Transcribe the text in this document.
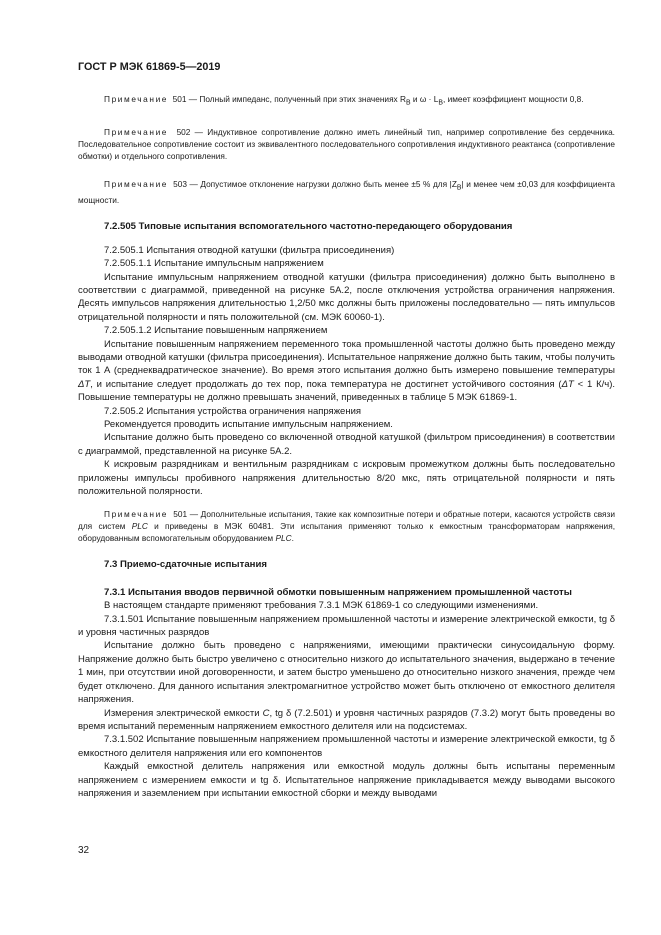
ГОСТ Р МЭК 61869-5—2019

Примечание 501 — Полный импеданс, полученный при этих значениях $R_B$ и $\omega \cdot L_B$, имеет коэффициент мощности 0,8.

Примечание 502 — Индуктивное сопротивление должно иметь линейный тип, например сопротивление без сердечника. Последовательное сопротивление состоит из эквивалентного последовательного сопротивления индуктивного реактанса (сопротивление обмотки) и отдельного сопротивления.

Примечание 503 — Допустимое отклонение нагрузки должно быть менее ±5 % для $|Z_B|$ и менее чем ±0,03 для коэффициента мощности.

7.2.505 Типовые испытания вспомогательного частотно-передающего оборудования

7.2.505.1 Испытания отводной катушки (фильтра присоединения)

7.2.505.1.1 Испытание импульсным напряжением

Испытание импульсным напряжением отводной катушки (фильтра присоединения) должно быть выполнено в соответствии с диаграммой, приведенной на рисунке 5А.2, после отключения устройства ограничения напряжения. Десять импульсов напряжения длительностью 1,2/50 мкс должны быть приложены последовательно — пять импульсов отрицательной полярности и пять положительной (см. МЭК 60060-1).

7.2.505.1.2 Испытание повышенным напряжением

Испытание повышенным напряжением переменного тока промышленной частоты должно быть проведено между выводами отводной катушки (фильтра присоединения). Испытательное напряжение должно быть таким, чтобы получить ток 1 А (среднеквадратическое значение). Во время этого испытания должно быть измерено повышение температуры ΔT, и испытание следует продолжать до тех пор, пока температура не достигнет устойчивого состояния (ΔT < 1 К/ч). Повышение температуры не должно превышать значений, приведенных в таблице 5 МЭК 61869-1.

7.2.505.2 Испытания устройства ограничения напряжения

Рекомендуется проводить испытание импульсным напряжением.

Испытание должно быть проведено со включенной отводной катушкой (фильтром присоединения) в соответствии с диаграммой, представленной на рисунке 5А.2.

К искровым разрядникам и вентильным разрядникам с искровым промежутком должны быть последовательно приложены импульсы пробивного напряжения длительностью 8/20 мкс, пять отрицательной полярности и пять положительной полярности.

Примечание 501 — Дополнительные испытания, такие как композитные потери и обратные потери, касаются устройств связи для систем PLC и приведены в МЭК 60481. Эти испытания применяют только к емкостным трансформаторам напряжения, оборудованным вспомогательным оборудованием PLC.

7.3 Приемо-сдаточные испытания

7.3.1 Испытания вводов первичной обмотки повышенным напряжением промышленной частоты

В настоящем стандарте применяют требования 7.3.1 МЭК 61869-1 со следующими изменениями.

7.3.1.501 Испытание повышенным напряжением промышленной частоты и измерение электрической емкости, tg δ и уровня частичных разрядов

Испытание должно быть проведено с напряжениями, имеющими практически синусоидальную форму. Напряжение должно быть быстро увеличено с относительно низкого до испытательного значения, выдержано в течение 1 мин, при отсутствии иной договоренности, и затем быстро уменьшено до относительно низкого значения, прежде чем будет отключено. Для данного испытания электромагнитное устройство может быть отключено от емкостного делителя напряжения.

Измерения электрической емкости C, tg δ (7.2.501) и уровня частичных разрядов (7.3.2) могут быть проведены во время испытаний переменным напряжением емкостного делителя или на подсистемах.

7.3.1.502 Испытание повышенным напряжением промышленной частоты и измерение электрической емкости, tg δ емкостного делителя напряжения или его компонентов

Каждый емкостной делитель напряжения или емкостной модуль должны быть испытаны переменным напряжением с измерением емкости и tg δ. Испытательное напряжение прикладывается между выводами высокого напряжения и заземлением при испытании емкостной сборки и между выводами

32
